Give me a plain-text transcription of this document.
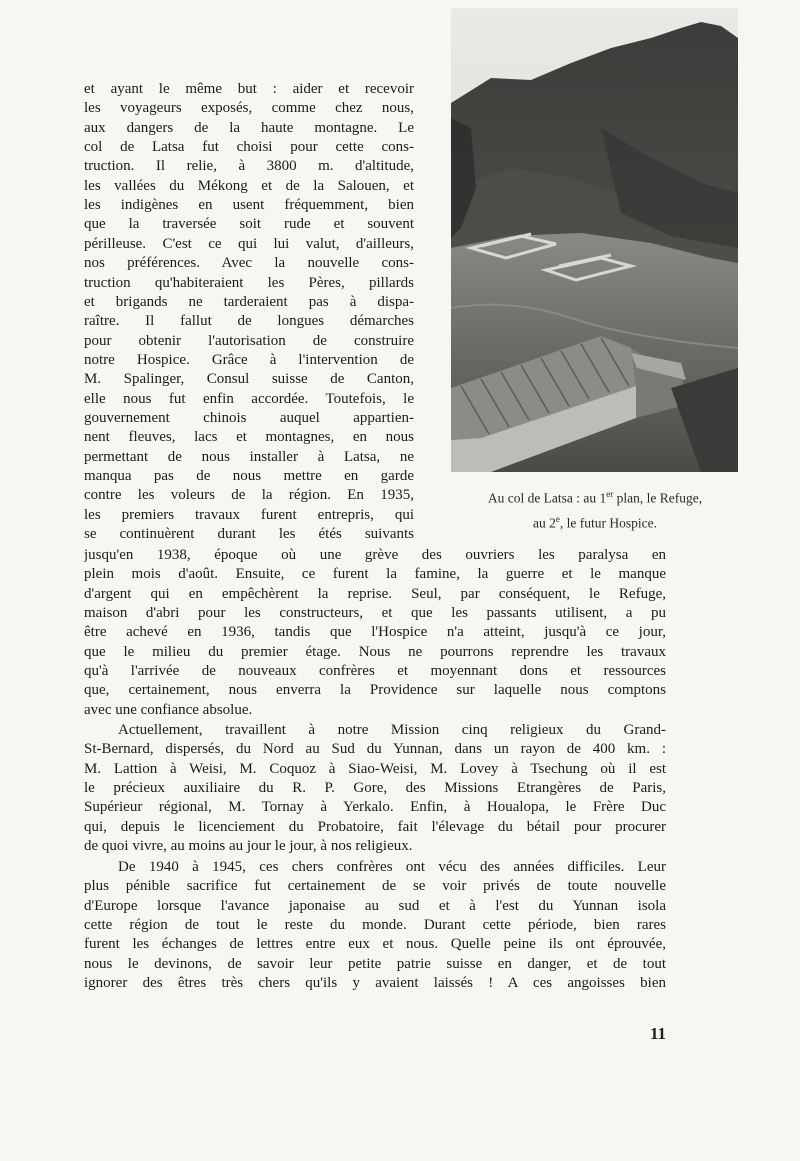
et ayant le même but : aider et recevoir
les voyageurs exposés, comme chez nous,
aux dangers de la haute montagne. Le
col de Latsa fut choisi pour cette cons-
truction. Il relie, à 3800 m. d'altitude,
les vallées du Mékong et de la Salouen, et
les indigènes en usent fréquemment, bien
que la traversée soit rude et souvent
périlleuse. C'est ce qui lui valut, d'ailleurs,
nos préférences. Avec la nouvelle cons-
truction qu'habiteraient les Pères, pillards
et brigands ne tarderaient pas à dispa-
raître. Il fallut de longues démarches
pour obtenir l'autorisation de construire
notre Hospice. Grâce à l'intervention de
M. Spalinger, Consul suisse de Canton,
elle nous fut enfin accordée. Toutefois, le
gouvernement chinois auquel appartien-
nent fleuves, lacs et montagnes, en nous
permettant de nous installer à Latsa, ne
manqua pas de nous mettre en garde
contre les voleurs de la région. En 1935,
les premiers travaux furent entrepris, qui
se continuèrent durant les étés suivants
Au col de Latsa : au 1er plan, le Refuge,
au 2e, le futur Hospice.
jusqu'en 1938, époque où une grève des ouvriers les paralysa en
plein mois d'août. Ensuite, ce furent la famine, la guerre et le manque
d'argent qui en empêchèrent la reprise. Seul, par conséquent, le Refuge,
maison d'abri pour les constructeurs, et que les passants utilisent, a pu
être achevé en 1936, tandis que l'Hospice n'a atteint, jusqu'à ce jour,
que le milieu du premier étage. Nous ne pourrons reprendre les travaux
qu'à l'arrivée de nouveaux confrères et moyennant dons et ressources
que, certainement, nous enverra la Providence sur laquelle nous comptons
avec une confiance absolue.
Actuellement, travaillent à notre Mission cinq religieux du Grand-
St-Bernard, dispersés, du Nord au Sud du Yunnan, dans un rayon de 400 km. :
M. Lattion à Weisi, M. Coquoz à Siao-Weisi, M. Lovey à Tsechung où il est
le précieux auxiliaire du R. P. Gore, des Missions Etrangères de Paris,
Supérieur régional, M. Tornay à Yerkalo. Enfin, à Houalopa, le Frère Duc
qui, depuis le licenciement du Probatoire, fait l'élevage du bétail pour procurer
de quoi vivre, au moins au jour le jour, à nos religieux.
De 1940 à 1945, ces chers confrères ont vécu des années difficiles. Leur
plus pénible sacrifice fut certainement de se voir privés de toute nouvelle
d'Europe lorsque l'avance japonaise au sud et à l'est du Yunnan isola
cette région de tout le reste du monde. Durant cette période, bien rares
furent les échanges de lettres entre eux et nous. Quelle peine ils ont éprouvée,
nous le devinons, de savoir leur petite patrie suisse en danger, et de tout
ignorer des êtres très chers qu'ils y avaient laissés ! A ces angoisses bien
11
